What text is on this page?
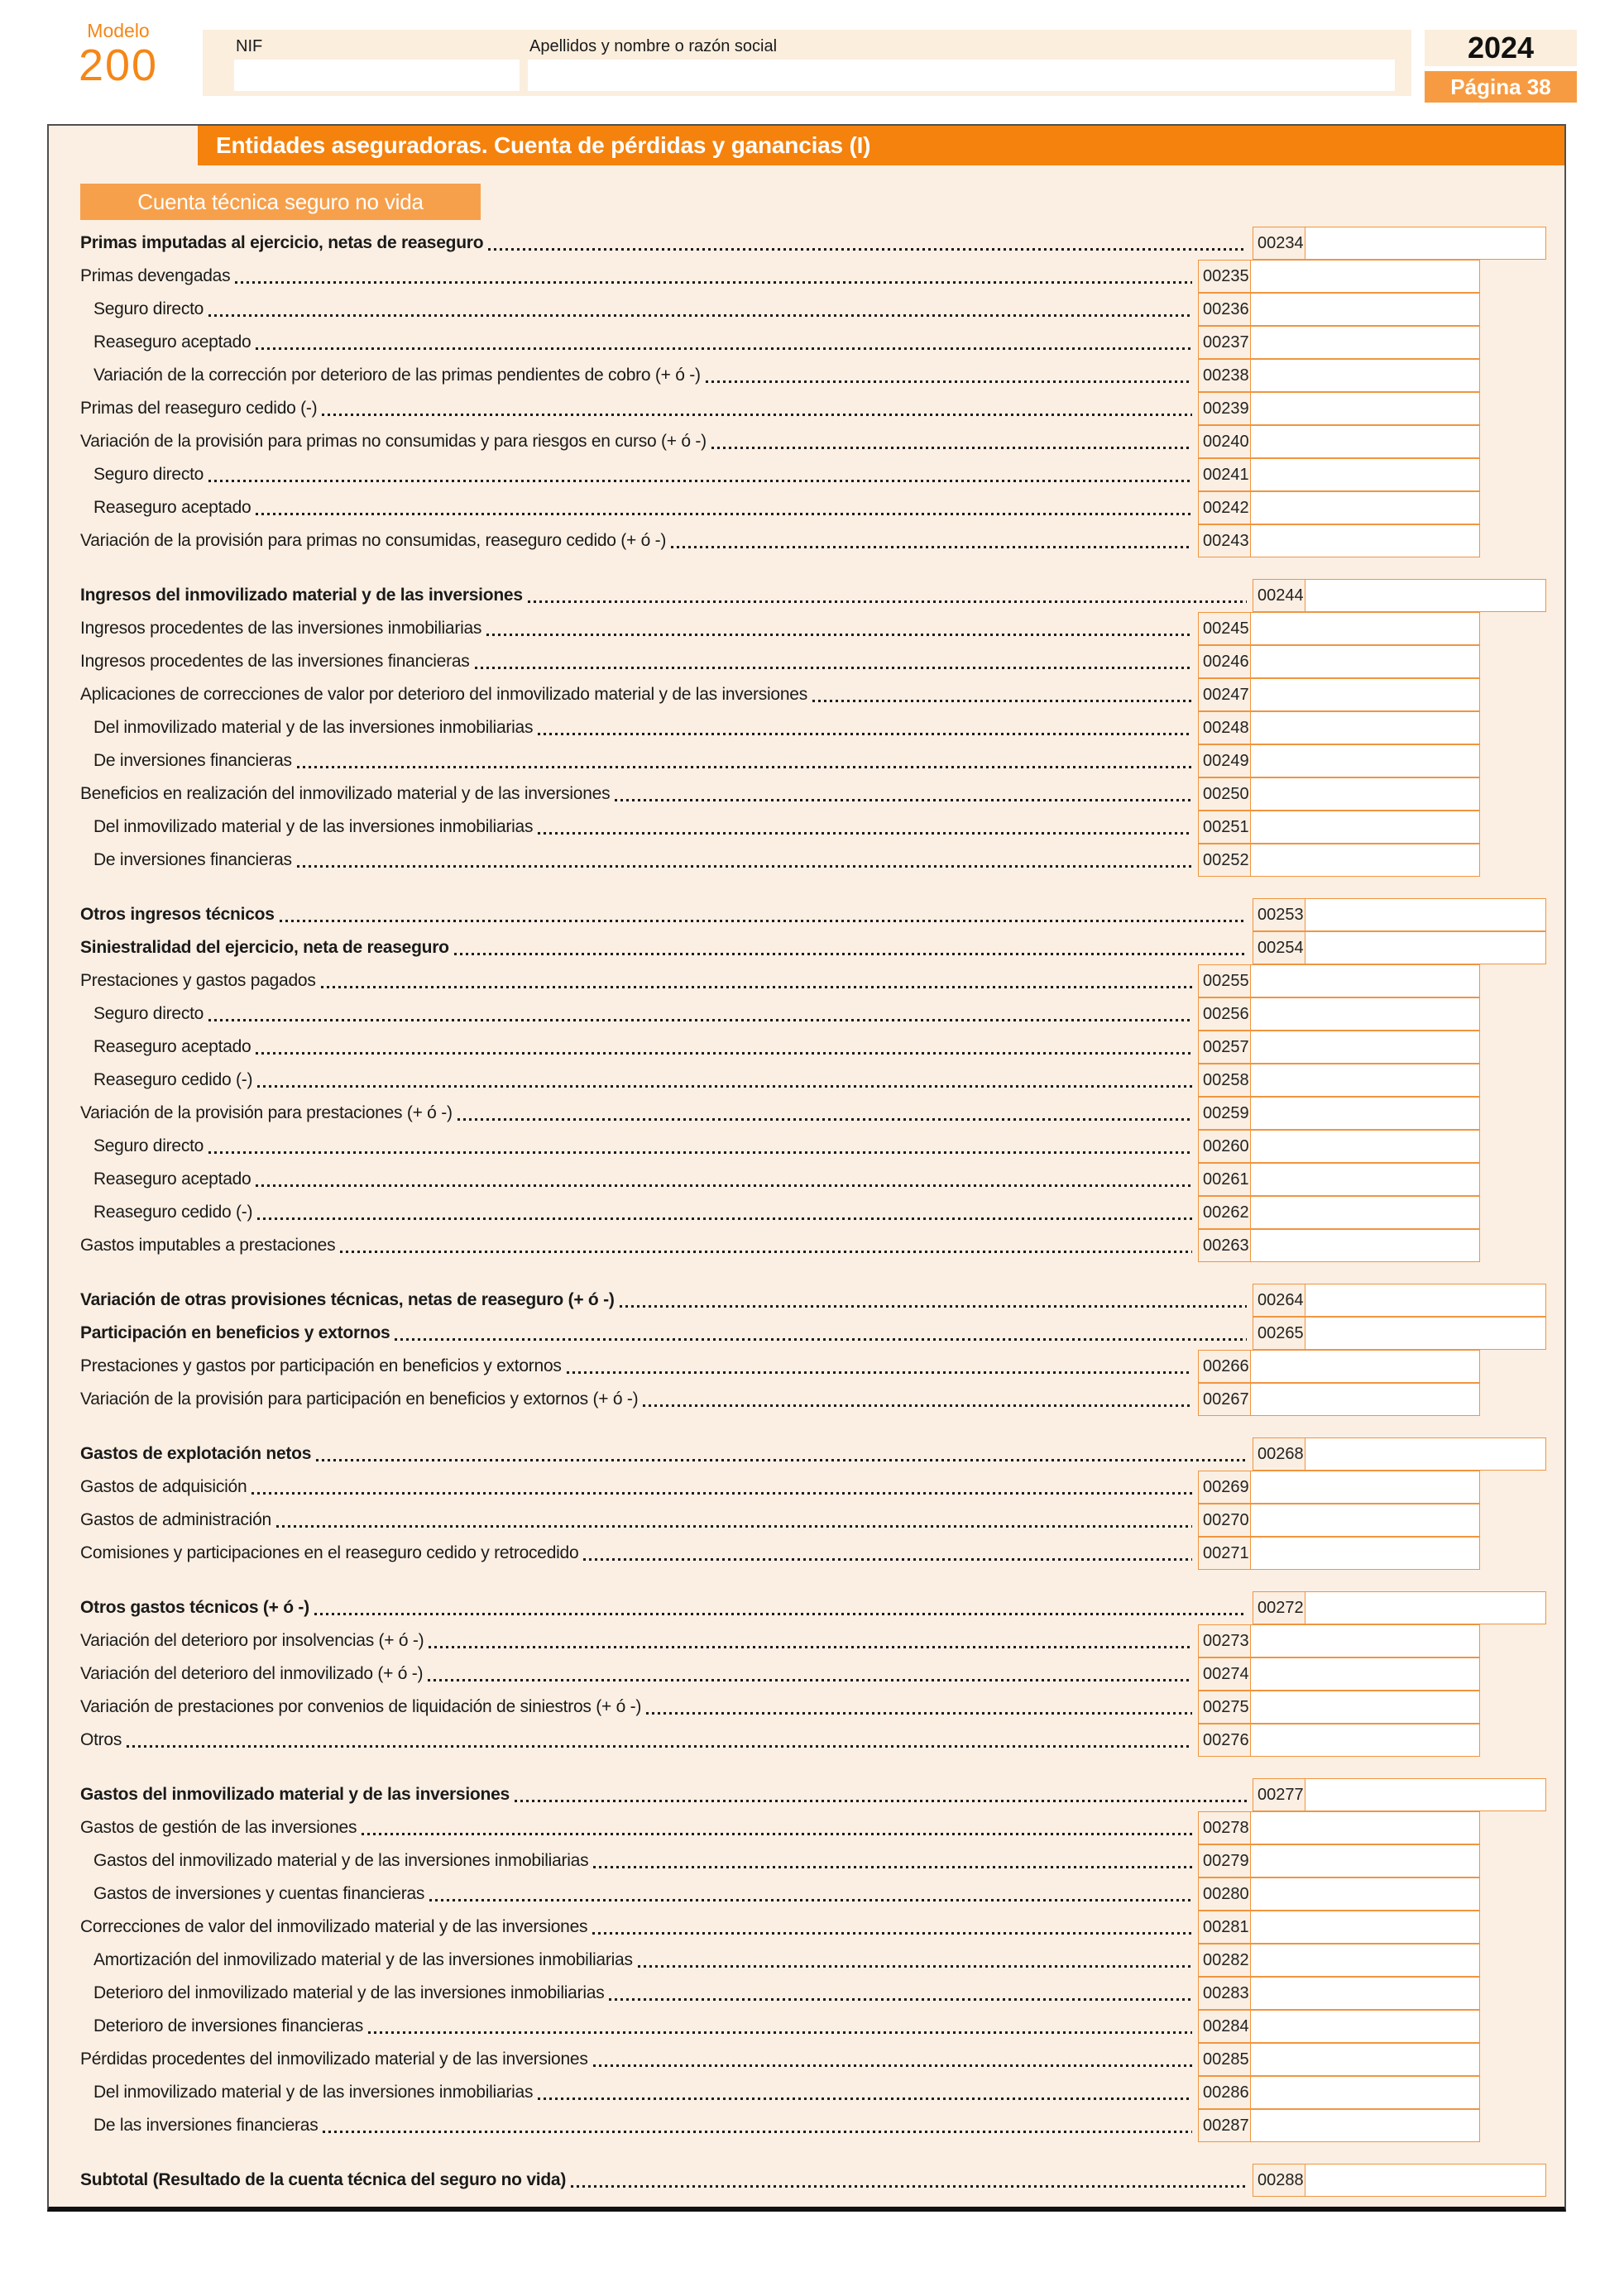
Modelo
200	NIF	Apellidos y nombre o razón social	2024
Página 38
Entidades aseguradoras. Cuenta de pérdidas y ganancias (I)
Cuenta técnica seguro no vida
Primas imputadas al ejercicio, netas de reaseguro	00234
Primas devengadas	00235
Seguro directo	00236
Reaseguro aceptado	00237
Variación de la corrección por deterioro de las primas pendientes de cobro (+ ó -)	00238
Primas del reaseguro cedido (-)	00239
Variación de la provisión para primas no consumidas y para riesgos en curso (+ ó -)	00240
Seguro directo	00241
Reaseguro aceptado	00242
Variación de la provisión para primas no consumidas, reaseguro cedido (+ ó -)	00243
Ingresos del inmovilizado material y de las inversiones	00244
Ingresos procedentes de las inversiones inmobiliarias	00245
Ingresos procedentes de las inversiones financieras	00246
Aplicaciones de correcciones de valor por deterioro del inmovilizado material y de las inversiones	00247
Del inmovilizado material y de las inversiones inmobiliarias	00248
De inversiones financieras	00249
Beneficios en realización del inmovilizado material y de las inversiones	00250
Del inmovilizado material y de las inversiones inmobiliarias	00251
De inversiones financieras	00252
Otros ingresos técnicos	00253
Siniestralidad del ejercicio, neta de reaseguro	00254
Prestaciones y gastos pagados	00255
Seguro directo	00256
Reaseguro aceptado	00257
Reaseguro cedido (-)	00258
Variación de la provisión para prestaciones (+ ó -)	00259
Seguro directo	00260
Reaseguro aceptado	00261
Reaseguro cedido (-)	00262
Gastos imputables a prestaciones	00263
Variación de otras provisiones técnicas, netas de reaseguro (+ ó -)	00264
Participación en beneficios y extornos	00265
Prestaciones y gastos por participación en beneficios y extornos	00266
Variación de la provisión para participación en beneficios y extornos (+ ó -)	00267
Gastos de explotación netos	00268
Gastos de adquisición	00269
Gastos de administración	00270
Comisiones y participaciones en el reaseguro cedido y retrocedido	00271
Otros gastos técnicos (+ ó -)	00272
Variación del deterioro por insolvencias (+ ó -)	00273
Variación del deterioro del inmovilizado (+ ó -)	00274
Variación de prestaciones por convenios de liquidación de siniestros (+ ó -)	00275
Otros	00276
Gastos del inmovilizado material y de las inversiones	00277
Gastos de gestión de las inversiones	00278
Gastos del inmovilizado material y de las inversiones inmobiliarias	00279
Gastos de inversiones y cuentas financieras	00280
Correcciones de valor del inmovilizado material y de las inversiones	00281
Amortización del inmovilizado material y de las inversiones inmobiliarias	00282
Deterioro del inmovilizado material y de las inversiones inmobiliarias	00283
Deterioro de inversiones financieras	00284
Pérdidas procedentes del inmovilizado material y de las inversiones	00285
Del inmovilizado material y de las inversiones inmobiliarias	00286
De las inversiones financieras	00287
Subtotal (Resultado de la cuenta técnica del seguro no vida)	00288
